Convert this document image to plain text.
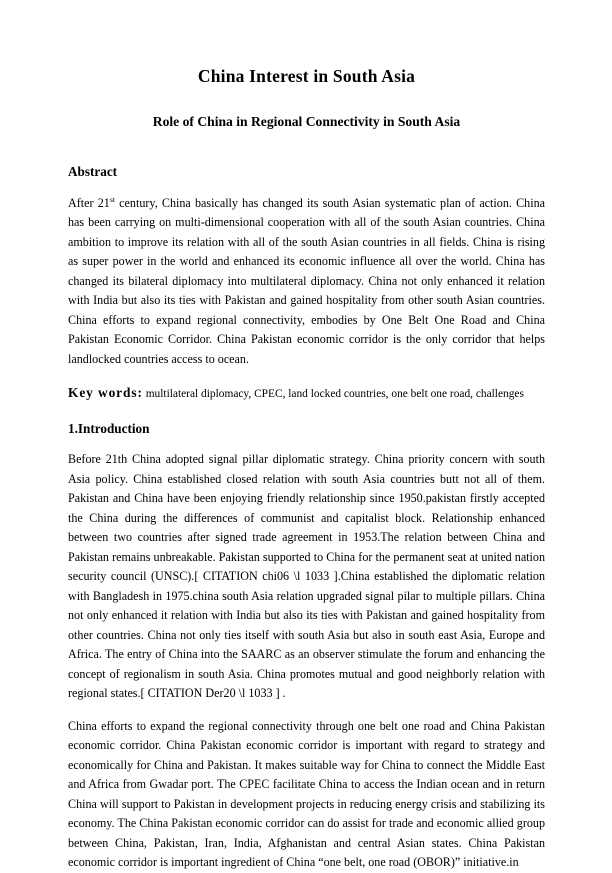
China Interest in South Asia
Role of China in Regional Connectivity in South Asia
Abstract

After 21st century, China basically has changed its south Asian systematic plan of action. China has been carrying on multi-dimensional cooperation with all of the south Asian countries. China ambition to improve its relation with all of the south Asian countries in all fields. China is rising as super power in the world and enhanced its economic influence all over the world. China has changed its bilateral diplomacy into multilateral diplomacy. China not only enhanced it relation with India but also its ties with Pakistan and gained hospitality from other south Asian countries. China efforts to expand regional connectivity, embodies by One Belt One Road and China Pakistan Economic Corridor. China Pakistan economic corridor is the only corridor that helps landlocked countries access to ocean.

Key words: multilateral diplomacy, CPEC, land locked countries, one belt one road, challenges

1.Introduction

Before 21th China adopted signal pillar diplomatic strategy. China priority concern with south Asia policy. China established closed relation with south Asia countries butt not all of them. Pakistan and China have been enjoying friendly relationship since 1950.pakistan firstly accepted the China during the differences of communist and capitalist block. Relationship enhanced between two countries after signed trade agreement in 1953.The relation between China and Pakistan remains unbreakable. Pakistan supported to China for the permanent seat at united nation security council (UNSC).[ CITATION chi06 \l 1033 ].China established the diplomatic relation with Bangladesh in 1975.china south Asia relation upgraded signal pilar to multiple pillars. China not only enhanced it relation with India but also its ties with Pakistan and gained hospitality from other countries. China not only ties itself with south Asia but also in south east Asia, Europe and Africa. The entry of China into the SAARC as an observer stimulate the forum and enhancing the concept of regionalism in south Asia. China promotes mutual and good neighborly relation with regional states.[ CITATION Der20 \l 1033 ] .

China efforts to expand the regional connectivity through one belt one road and China Pakistan economic corridor. China Pakistan economic corridor is important with regard to strategy and economically for China and Pakistan. It makes suitable way for China to connect the Middle East and Africa from Gwadar port. The CPEC facilitate China to access the Indian ocean and in return China will support to Pakistan in development projects in reducing energy crisis and stabilizing its economy. The China Pakistan economic corridor can do assist for trade and economic allied group between China, Pakistan, Iran, India, Afghanistan and central Asian states. China Pakistan economic corridor is important ingredient of China “one belt, one road (OBOR)” initiative.in
